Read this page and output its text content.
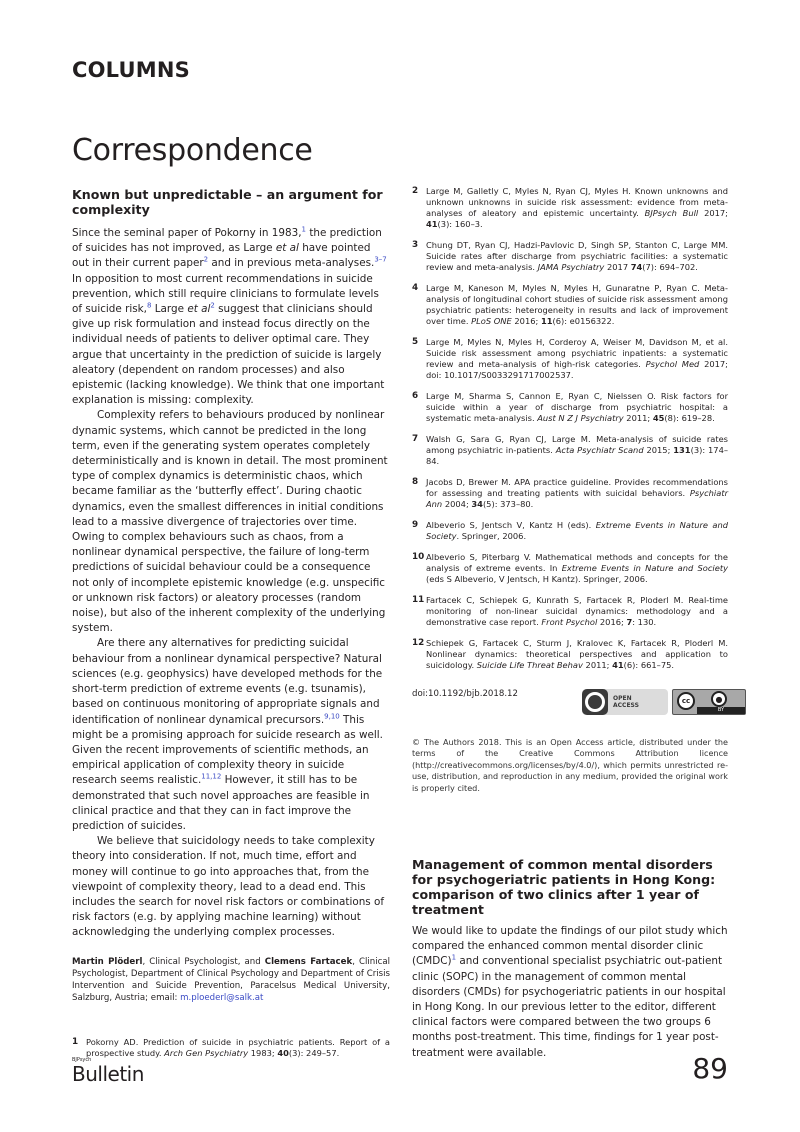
COLUMNS
Correspondence
Known but unpredictable – an argument for complexity

Since the seminal paper of Pokorny in 1983,$^1$ the prediction of suicides has not improved, as Large et al have pointed out in their current paper$^2$ and in previous meta-analyses.$^{3-7}$ In opposition to most current recommendations in suicide prevention, which still require clinicians to formulate levels of suicide risk,$^8$ Large et al$^2$ suggest that clinicians should give up risk formulation and instead focus directly on the individual needs of patients to deliver optimal care. They argue that uncertainty in the prediction of suicide is largely aleatory (dependent on random processes) and also epistemic (lacking knowledge). We think that one important explanation is missing: complexity.

Complexity refers to behaviours produced by nonlinear dynamic systems, which cannot be predicted in the long term, even if the generating system operates completely deterministically and is known in detail. The most prominent type of complex dynamics is deterministic chaos, which became familiar as the ‘butterfly effect’. During chaotic dynamics, even the smallest differences in initial conditions lead to a massive divergence of trajectories over time. Owing to complex behaviours such as chaos, from a nonlinear dynamical perspective, the failure of long-term predictions of suicidal behaviour could be a consequence not only of incomplete epistemic knowledge (e.g. unspecific or unknown risk factors) or aleatory processes (random noise), but also of the inherent complexity of the underlying system.

Are there any alternatives for predicting suicidal behaviour from a nonlinear dynamical perspective? Natural sciences (e.g. geophysics) have developed methods for the short-term prediction of extreme events (e.g. tsunamis), based on continuous monitoring of appropriate signals and identification of nonlinear dynamical precursors.$^{9,10}$ This might be a promising approach for suicide research as well. Given the recent improvements of scientific methods, an empirical application of complexity theory in suicide research seems realistic.$^{11,12}$ However, it still has to be demonstrated that such novel approaches are feasible in clinical practice and that they can in fact improve the prediction of suicides.

We believe that suicidology needs to take complexity theory into consideration. If not, much time, effort and money will continue to go into approaches that, from the viewpoint of complexity theory, lead to a dead end. This includes the search for novel risk factors or combinations of risk factors (e.g. by applying machine learning) without acknowledging the underlying complex processes.

Martin Plöderl, Clinical Psychologist, and Clemens Fartacek, Clinical Psychologist, Department of Clinical Psychology and Department of Crisis Intervention and Suicide Prevention, Paracelsus Medical University, Salzburg, Austria; email: m.ploederl@salk.at

1 Pokorny AD. Prediction of suicide in psychiatric patients. Report of a prospective study. Arch Gen Psychiatry 1983; 40(3): 249–57.
2 Large M, Galletly C, Myles N, Ryan CJ, Myles H. Known unknowns and unknown unknowns in suicide risk assessment: evidence from meta-analyses of aleatory and epistemic uncertainty. BJPsych Bull 2017; 41(3): 160–3.
3 Chung DT, Ryan CJ, Hadzi-Pavlovic D, Singh SP, Stanton C, Large MM. Suicide rates after discharge from psychiatric facilities: a systematic review and meta-analysis. JAMA Psychiatry 2017 74(7): 694–702.
4 Large M, Kaneson M, Myles N, Myles H, Gunaratne P, Ryan C. Meta-analysis of longitudinal cohort studies of suicide risk assessment among psychiatric patients: heterogeneity in results and lack of improvement over time. PLoS ONE 2016; 11(6): e0156322.
5 Large M, Myles N, Myles H, Corderoy A, Weiser M, Davidson M, et al. Suicide risk assessment among psychiatric inpatients: a systematic review and meta-analysis of high-risk categories. Psychol Med 2017; doi: 10.1017/S0033291717002537.
6 Large M, Sharma S, Cannon E, Ryan C, Nielssen O. Risk factors for suicide within a year of discharge from psychiatric hospital: a systematic meta-analysis. Aust N Z J Psychiatry 2011; 45(8): 619–28.
7 Walsh G, Sara G, Ryan CJ, Large M. Meta-analysis of suicide rates among psychiatric in-patients. Acta Psychiatr Scand 2015; 131(3): 174–84.
8 Jacobs D, Brewer M. APA practice guideline. Provides recommendations for assessing and treating patients with suicidal behaviors. Psychiatr Ann 2004; 34(5): 373–80.
9 Albeverio S, Jentsch V, Kantz H (eds). Extreme Events in Nature and Society. Springer, 2006.
10 Albeverio S, Piterbarg V. Mathematical methods and concepts for the analysis of extreme events. In Extreme Events in Nature and Society (eds S Albeverio, V Jentsch, H Kantz). Springer, 2006.
11 Fartacek C, Schiepek G, Kunrath S, Fartacek R, Ploderl M. Real-time monitoring of non-linear suicidal dynamics: methodology and a demonstrative case report. Front Psychol 2016; 7: 130.
12 Schiepek G, Fartacek C, Sturm J, Kralovec K, Fartacek R, Ploderl M. Nonlinear dynamics: theoretical perspectives and application to suicidology. Suicide Life Threat Behav 2011; 41(6): 661–75.
doi:10.1192/bjb.2018.12	OPEN
ACCESS
cc	●
BY

© The Authors 2018. This is an Open Access article, distributed under the terms of the Creative Commons Attribution licence (http://creativecommons.org/licenses/by/4.0/), which permits unrestricted re-use, distribution, and reproduction in any medium, provided the original work is properly cited.

Management of common mental disorders for psychogeriatric patients in Hong Kong: comparison of two clinics after 1 year of treatment

We would like to update the findings of our pilot study which compared the enhanced common mental disorder clinic (CMDC)$^1$ and conventional specialist psychiatric out-patient clinic (SOPC) in the management of common mental disorders (CMDs) for psychogeriatric patients in our hospital in Hong Kong. In our previous letter to the editor, different clinical factors were compared between the two groups 6 months post-treatment. This time, findings for 1 year post-treatment were available.

BJPsych
Bulletin	89
